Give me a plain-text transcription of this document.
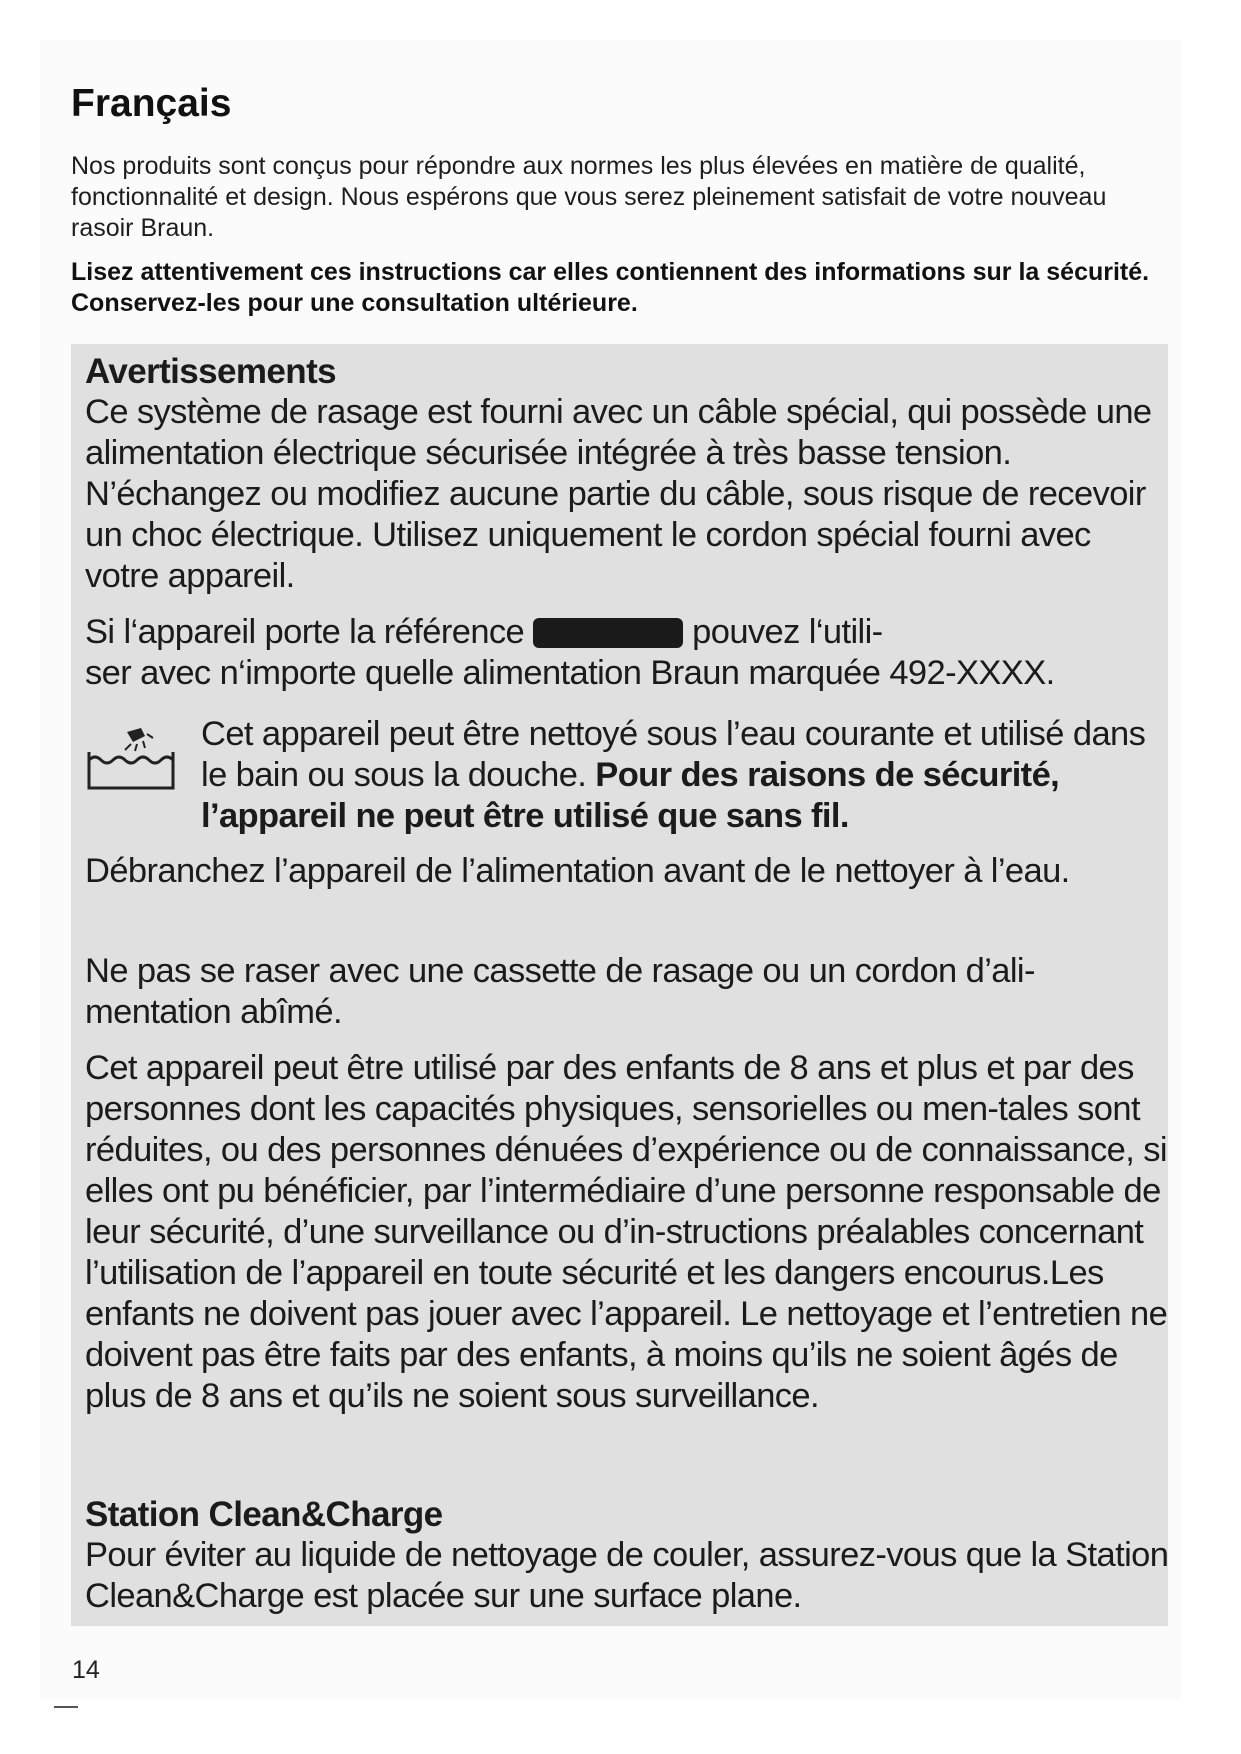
Français
Nos produits sont conçus pour répondre aux normes les plus élevées en matière de qualité, fonctionnalité et design. Nous espérons que vous serez pleinement satisfait de votre nouveau rasoir Braun.
Lisez attentivement ces instructions car elles contiennent des informations sur la sécurité. Conservez-les pour une consultation ultérieure.
Avertissements
Ce système de rasage est fourni avec un câble spécial, qui possède une alimentation électrique sécurisée intégrée à très basse tension. N’échangez ou modifiez aucune partie du câble, sous risque de recevoir un choc électrique. Utilisez uniquement le cordon spécial fourni avec votre appareil.
Si l‘appareil porte la référence	pouvez l‘utili-
ser avec n‘importe quelle alimentation Braun marquée 492-XXXX.
Cet appareil peut être nettoyé sous l’eau courante et utilisé dans le bain ou sous la douche. Pour des raisons de sécurité, l’appareil ne peut être utilisé que sans fil.
Débranchez l’appareil de l’alimentation avant de le nettoyer à l’eau.
Ne pas se raser avec une cassette de rasage ou un cordon d’ali-mentation abîmé.
Cet appareil peut être utilisé par des enfants de 8 ans et plus et par des personnes dont les capacités physiques, sensorielles ou men-tales sont réduites, ou des personnes dénuées d’expérience ou de connaissance, si elles ont pu bénéficier, par l’intermédiaire d’une personne responsable de leur sécurité, d’une surveillance ou d’in-structions préalables concernant l’utilisation de l’appareil en toute sécurité et les dangers encourus.Les enfants ne doivent pas jouer avec l’appareil. Le nettoyage et l’entretien ne doivent pas être faits par des enfants, à moins qu’ils ne soient âgés de plus de 8 ans et qu’ils ne soient sous surveillance.
Station Clean&Charge
Pour éviter au liquide de nettoyage de couler, assurez-vous que la Station Clean&Charge est placée sur une surface plane.
14
